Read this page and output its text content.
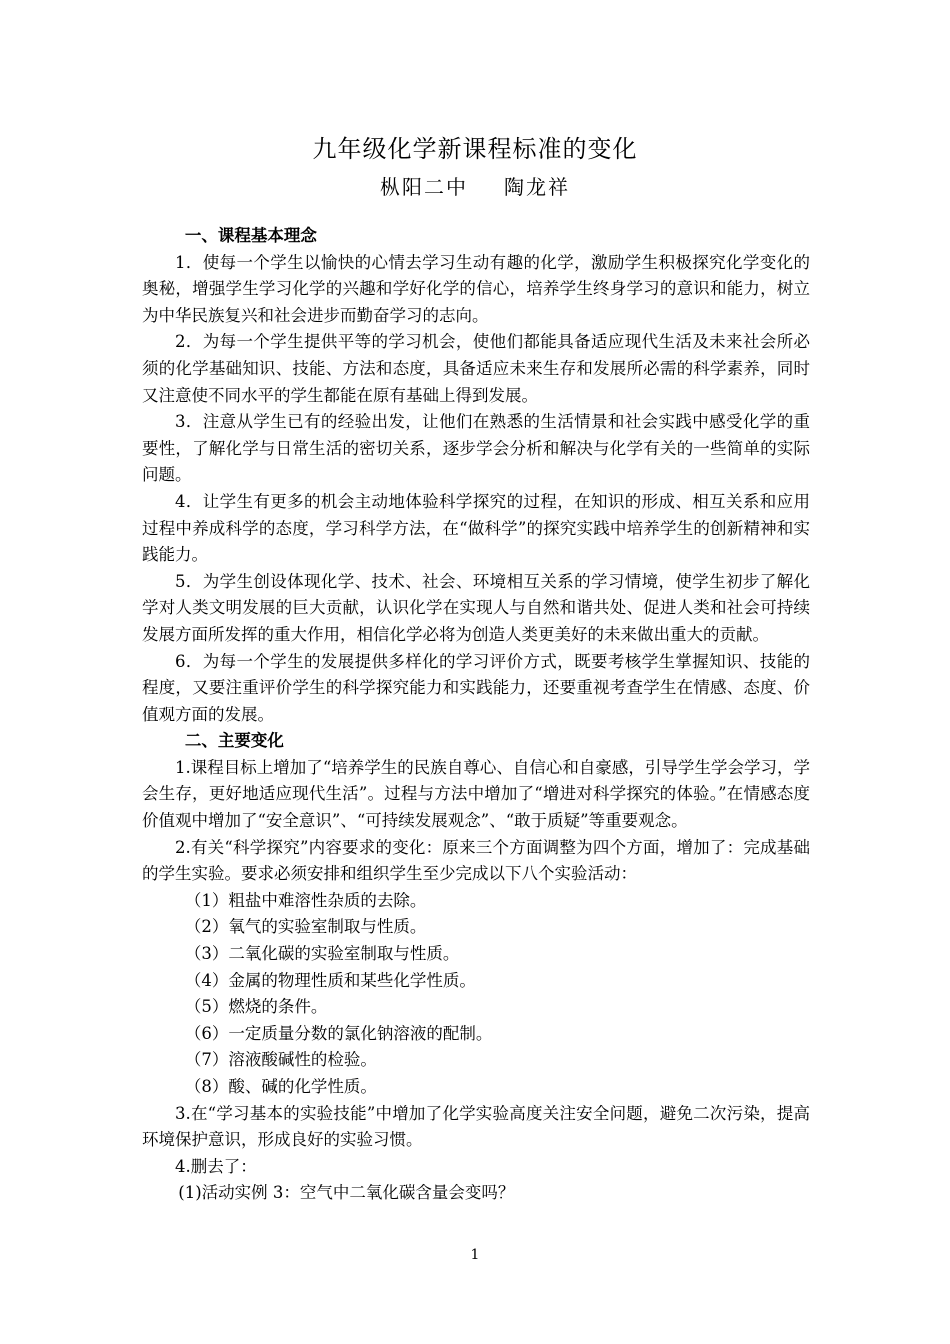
九年级化学新课程标准的变化
枞阳二中 陶龙祥
一、课程基本理念

1．使每一个学生以愉快的心情去学习生动有趣的化学，激励学生积极探究化学变化的奥秘，增强学生学习化学的兴趣和学好化学的信心，培养学生终身学习的意识和能力，树立为中华民族复兴和社会进步而勤奋学习的志向。

2．为每一个学生提供平等的学习机会，使他们都能具备适应现代生活及未来社会所必须的化学基础知识、技能、方法和态度，具备适应未来生存和发展所必需的科学素养，同时又注意使不同水平的学生都能在原有基础上得到发展。

3．注意从学生已有的经验出发，让他们在熟悉的生活情景和社会实践中感受化学的重要性，了解化学与日常生活的密切关系，逐步学会分析和解决与化学有关的一些简单的实际问题。

4．让学生有更多的机会主动地体验科学探究的过程，在知识的形成、相互关系和应用过程中养成科学的态度，学习科学方法，在“做科学”的探究实践中培养学生的创新精神和实践能力。

5．为学生创设体现化学、技术、社会、环境相互关系的学习情境，使学生初步了解化学对人类文明发展的巨大贡献，认识化学在实现人与自然和谐共处、促进人类和社会可持续发展方面所发挥的重大作用，相信化学必将为创造人类更美好的未来做出重大的贡献。

6．为每一个学生的发展提供多样化的学习评价方式，既要考核学生掌握知识、技能的程度，又要注重评价学生的科学探究能力和实践能力，还要重视考查学生在情感、态度、价值观方面的发展。

二、主要变化

1.课程目标上增加了“培养学生的民族自尊心、自信心和自豪感，引导学生学会学习，学会生存，更好地适应现代生活”。过程与方法中增加了“增进对科学探究的体验。”在情感态度价值观中增加了“安全意识”、“可持续发展观念”、“敢于质疑”等重要观念。

2.有关“科学探究”内容要求的变化：原来三个方面调整为四个方面，增加了：完成基础的学生实验。要求必须安排和组织学生至少完成以下八个实验活动：

（1）粗盐中难溶性杂质的去除。

（2）氧气的实验室制取与性质。

（3）二氧化碳的实验室制取与性质。

（4）金属的物理性质和某些化学性质。

（5）燃烧的条件。

（6）一定质量分数的氯化钠溶液的配制。

（7）溶液酸碱性的检验。

（8）酸、碱的化学性质。

3.在“学习基本的实验技能”中增加了化学实验高度关注安全问题，避免二次污染，提高环境保护意识，形成良好的实验习惯。

4.删去了：

(1)活动实例 3：空气中二氧化碳含量会变吗？

1
